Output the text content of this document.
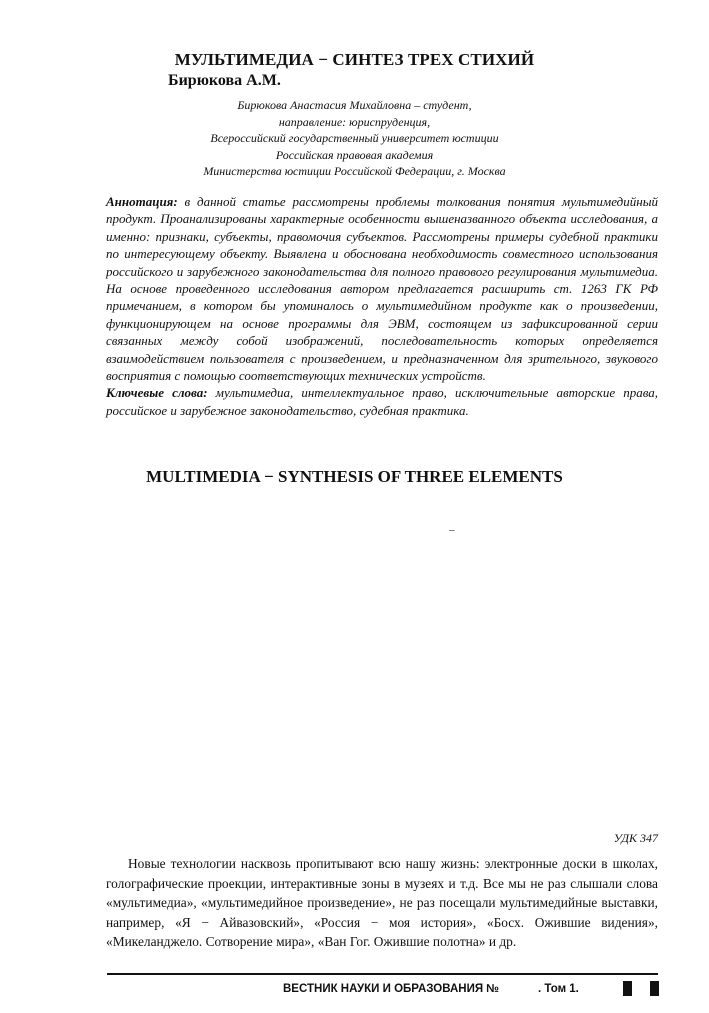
МУЛЬТИМЕДИА − СИНТЕЗ ТРЕХ СТИХИЙ
Бирюкова А.М.
Бирюкова Анастасия Михайловна – студент,
направление: юриспруденция,
Всероссийский государственный университет юстиции
Российская правовая академия
Министерства юстиции Российской Федерации, г. Москва

Аннотация: в данной статье рассмотрены проблемы толкования понятия мультимедийный продукт. Проанализированы характерные особенности вышеназванного объекта исследования, а именно: признаки, субъекты, правомочия субъектов. Рассмотрены примеры судебной практики по интересующему объекту. Выявлена и обоснована необходимость совместного использования российского и зарубежного законодательства для полного правового регулирования мультимедиа. На основе проведенного исследования автором предлагается расширить ст. 1263 ГК РФ примечанием, в котором бы упоминалось о мультимедийном продукте как о произведении, функционирующем на основе программы для ЭВМ, состоящем из зафиксированной серии связанных между собой изображений, последовательность которых определяется взаимодействием пользователя с произведением, и предназначенном для зрительного, звукового восприятия с помощью соответствующих технических устройств.

Ключевые слова: мультимедиа, интеллектуальное право, исключительные авторские права, российское и зарубежное законодательство, судебная практика.

MULTIMEDIA − SYNTHESIS OF THREE ELEMENTS
–
УДК 347

Новые технологии насквозь пропитывают всю нашу жизнь: электронные доски в школах, голографические проекции, интерактивные зоны в музеях и т.д. Все мы не раз слышали слова «мультимедиа», «мультимедийное произведение», не раз посещали мультимедийные выставки, например, «Я − Айвазовский», «Россия − моя история», «Босх. Ожившие видения», «Микеланджело. Сотворение мира», «Ван Гог. Ожившие полотна» и др.

ВЕСТНИК НАУКИ И ОБРАЗОВАНИЯ №	. Том 1.
